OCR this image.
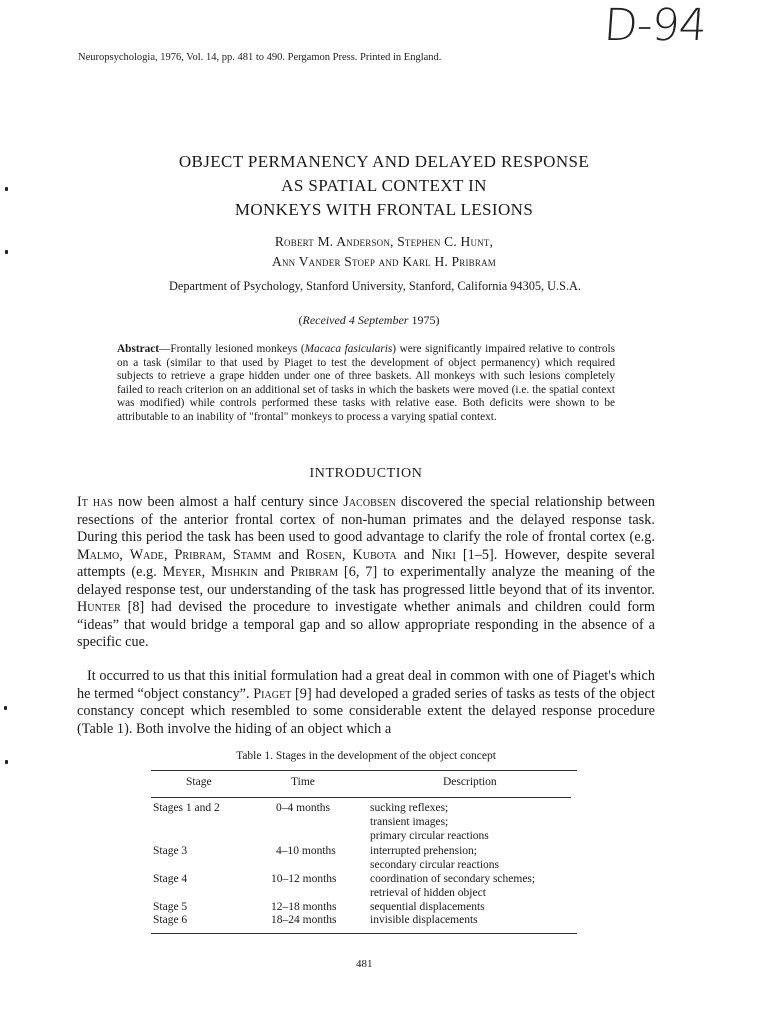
D-94
Neuropsychologia, 1976, Vol. 14, pp. 481 to 490. Pergamon Press. Printed in England.
OBJECT PERMANENCY AND DELAYED RESPONSE
AS SPATIAL CONTEXT IN
MONKEYS WITH FRONTAL LESIONS
Robert M. Anderson, Stephen C. Hunt,
Ann Vander Stoep and Karl H. Pribram
Department of Psychology, Stanford University, Stanford, California 94305, U.S.A.
(Received 4 September 1975)
Abstract—Frontally lesioned monkeys (Macaca fasicularis) were significantly impaired relative to controls on a task (similar to that used by Piaget to test the development of object permanency) which required subjects to retrieve a grape hidden under one of three baskets. All monkeys with such lesions completely failed to reach criterion on an additional set of tasks in which the baskets were moved (i.e. the spatial context was modified) while controls performed these tasks with relative ease. Both deficits were shown to be attributable to an inability of "frontal" monkeys to process a varying spatial context.
INTRODUCTION

It has now been almost a half century since Jacobsen discovered the special relationship between resections of the anterior frontal cortex of non-human primates and the delayed response task. During this period the task has been used to good advantage to clarify the role of frontal cortex (e.g. Malmo, Wade, Pribram, Stamm and Rosen, Kubota and Niki [1–5]. However, despite several attempts (e.g. Meyer, Mishkin and Pribram [6, 7] to experimentally analyze the meaning of the delayed response test, our understanding of the task has progressed little beyond that of its inventor. Hunter [8] had devised the procedure to investigate whether animals and children could form “ideas” that would bridge a temporal gap and so allow appropriate responding in the absence of a specific cue.

It occurred to us that this initial formulation had a great deal in common with one of Piaget's which he termed “object constancy”. Piaget [9] had developed a graded series of tasks as tests of the object constancy concept which resembled to some considerable extent the delayed response procedure (Table 1). Both involve the hiding of an object which a

Table 1. Stages in the development of the object concept
Stage	Time	Description
Stages 1 and 2	0–4 months	sucking reflexes;
transient images;
primary circular reactions
Stage 3	4–10 months	interrupted prehension;
secondary circular reactions
Stage 4	10–12 months	coordination of secondary schemes;
retrieval of hidden object
Stage 5	12–18 months	sequential displacements
Stage 6	18–24 months	invisible displacements
481
